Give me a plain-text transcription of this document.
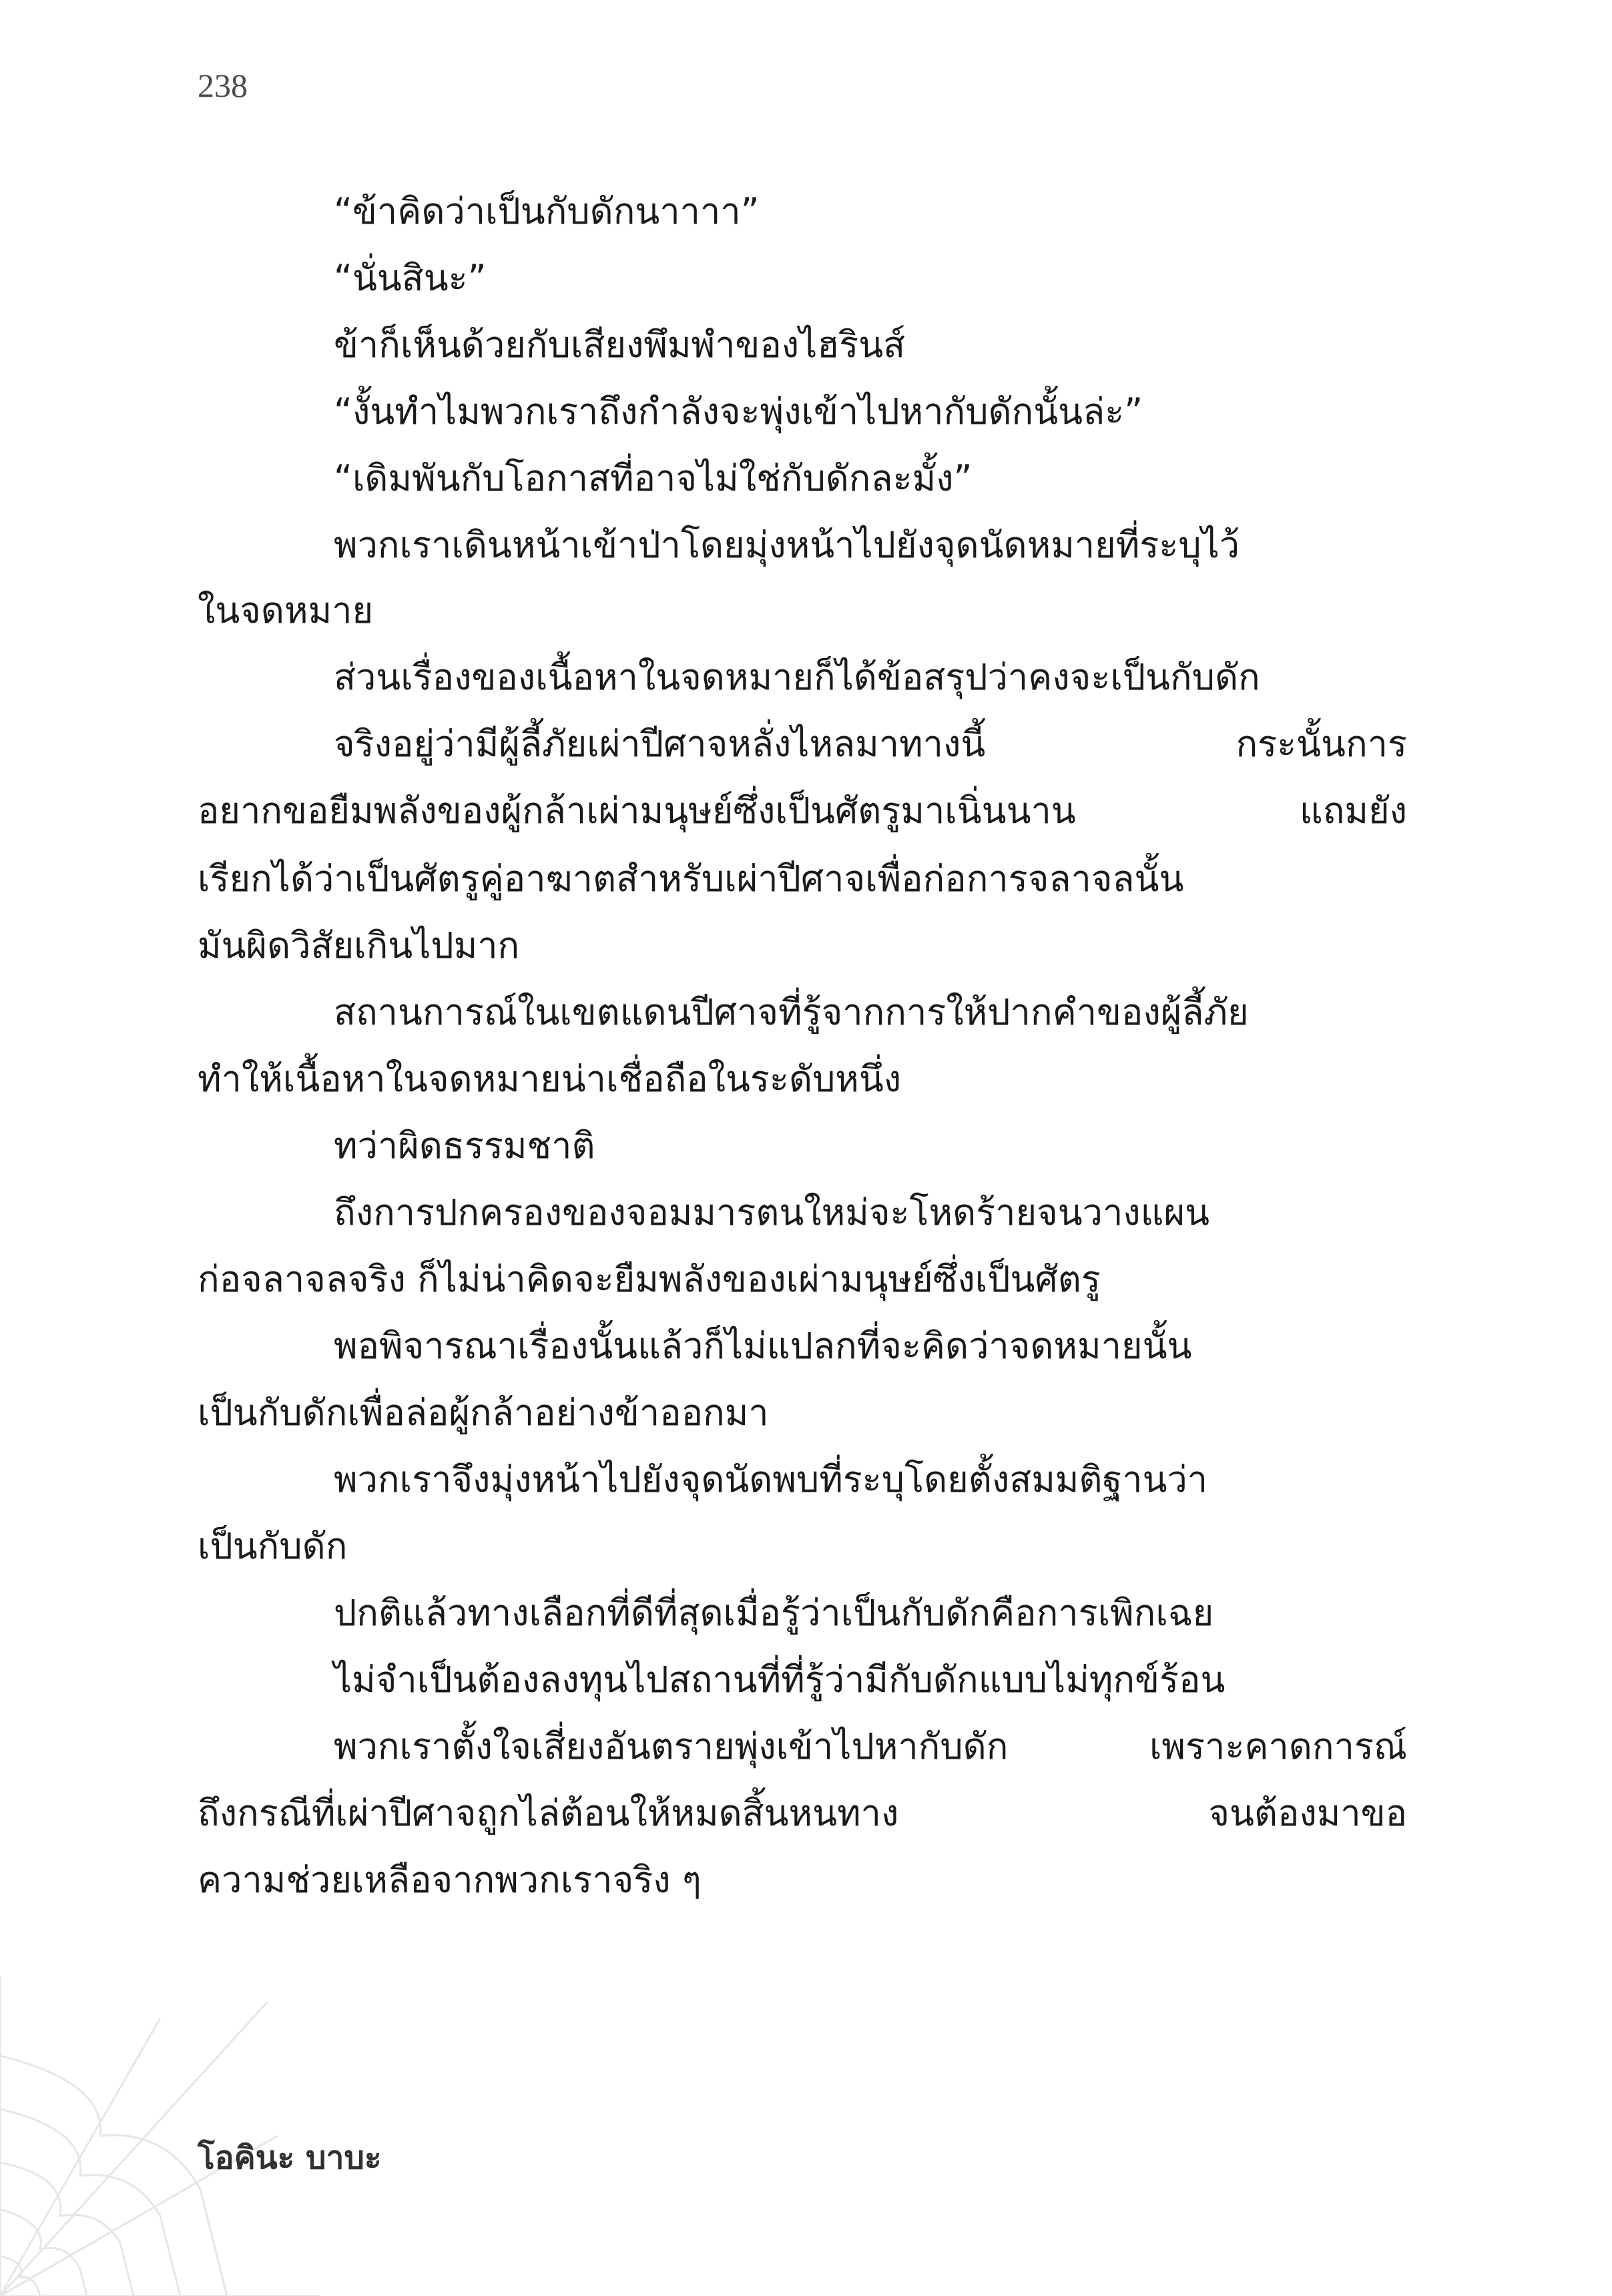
238
“ข้าคิดว่าเป็นกับดักนาาาา”
“นั่นสินะ”
ข้าก็เห็นด้วยกับเสียงพึมพำของไฮรินส์
“งั้นทำไมพวกเราถึงกำลังจะพุ่งเข้าไปหากับดักนั้นล่ะ”
“เดิมพันกับโอกาสที่อาจไม่ใช่กับดักละมั้ง”
พวกเราเดินหน้าเข้าป่าโดยมุ่งหน้าไปยังจุดนัดหมายที่ระบุไว้
ในจดหมาย
ส่วนเรื่องของเนื้อหาในจดหมายก็ได้ข้อสรุปว่าคงจะเป็นกับดัก
จริงอยู่ว่ามีผู้ลี้ภัยเผ่าปีศาจหลั่งไหลมาทางนี้ กระนั้นการ
อยากขอยืมพลังของผู้กล้าเผ่ามนุษย์ซึ่งเป็นศัตรูมาเนิ่นนาน แถมยัง
เรียกได้ว่าเป็นศัตรูคู่อาฆาตสำหรับเผ่าปีศาจเพื่อก่อการจลาจลนั้น
มันผิดวิสัยเกินไปมาก
สถานการณ์ในเขตแดนปีศาจที่รู้จากการให้ปากคำของผู้ลี้ภัย
ทำให้เนื้อหาในจดหมายน่าเชื่อถือในระดับหนึ่ง
ทว่าผิดธรรมชาติ
ถึงการปกครองของจอมมารตนใหม่จะโหดร้ายจนวางแผน
ก่อจลาจลจริง ก็ไม่น่าคิดจะยืมพลังของเผ่ามนุษย์ซึ่งเป็นศัตรู
พอพิจารณาเรื่องนั้นแล้วก็ไม่แปลกที่จะคิดว่าจดหมายนั้น
เป็นกับดักเพื่อล่อผู้กล้าอย่างข้าออกมา
พวกเราจึงมุ่งหน้าไปยังจุดนัดพบที่ระบุโดยตั้งสมมติฐานว่า
เป็นกับดัก
ปกติแล้วทางเลือกที่ดีที่สุดเมื่อรู้ว่าเป็นกับดักคือการเพิกเฉย
ไม่จำเป็นต้องลงทุนไปสถานที่ที่รู้ว่ามีกับดักแบบไม่ทุกข์ร้อน
พวกเราตั้งใจเสี่ยงอันตรายพุ่งเข้าไปหากับดัก เพราะคาดการณ์
ถึงกรณีที่เผ่าปีศาจถูกไล่ต้อนให้หมดสิ้นหนทาง จนต้องมาขอ
ความช่วยเหลือจากพวกเราจริง ๆ
โอคินะ บาบะ
